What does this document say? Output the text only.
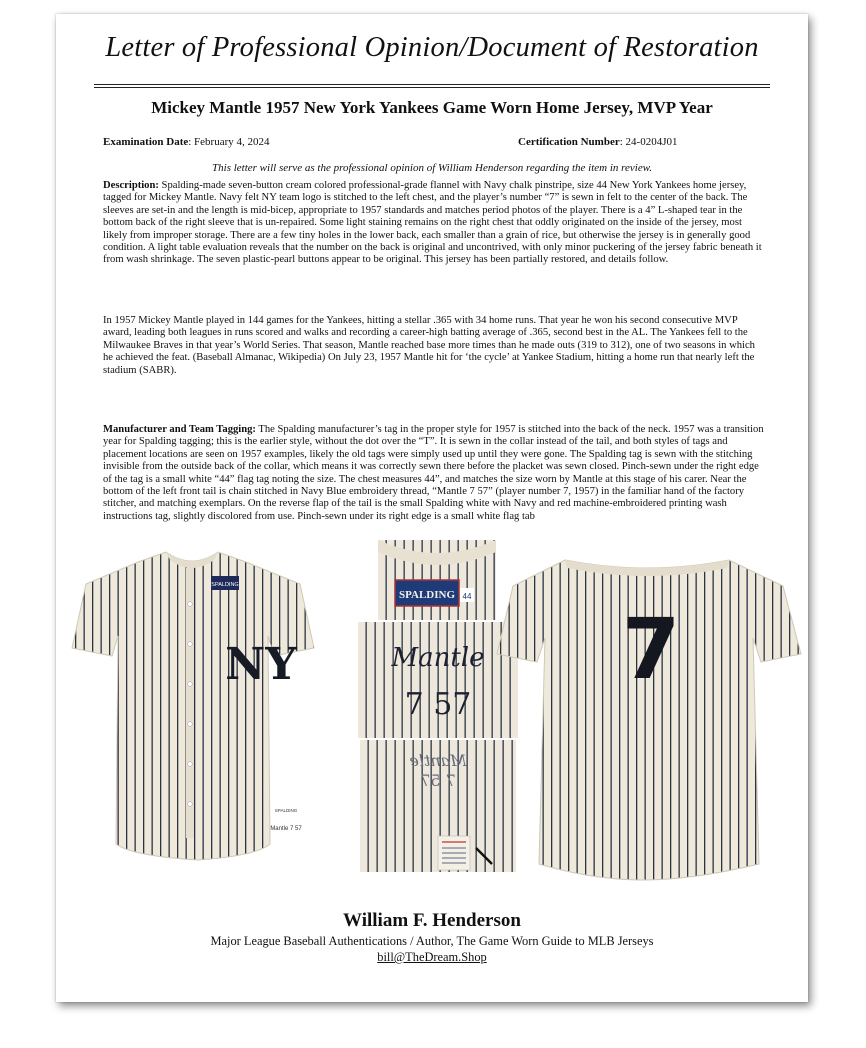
Letter of Professional Opinion/Document of Restoration
Mickey Mantle 1957 New York Yankees Game Worn Home Jersey, MVP Year
Examination Date: February 4, 2024	Certification Number: 24-0204J01
This letter will serve as the professional opinion of William Henderson regarding the item in review.

Description: Spalding-made seven-button cream colored professional-grade flannel with Navy chalk pinstripe, size 44 New York Yankees home jersey, tagged for Mickey Mantle. Navy felt NY team logo is stitched to the left chest, and the player’s number “7” is sewn in felt to the center of the back. The sleeves are set-in and the length is mid-bicep, appropriate to 1957 standards and matches period photos of the player. There is a 4” L-shaped tear in the bottom back of the right sleeve that is un-repaired. Some light staining remains on the right chest that oddly originated on the inside of the jersey, most likely from improper storage. There are a few tiny holes in the lower back, each smaller than a grain of rice, but otherwise the jersey is in generally good condition. A light table evaluation reveals that the number on the back is original and uncontrived, with only minor puckering of the jersey fabric beneath it from wash shrinkage. The seven plastic-pearl buttons appear to be original. This jersey has been partially restored, and details follow.

In 1957 Mickey Mantle played in 144 games for the Yankees, hitting a stellar .365 with 34 home runs. That year he won his second consecutive MVP award, leading both leagues in runs scored and walks and recording a career-high batting average of .365, second best in the AL. The Yankees fell to the Milwaukee Braves in that year’s World Series. That season, Mantle reached base more times than he made outs (319 to 312), one of two seasons in which he achieved the feat. (Baseball Almanac, Wikipedia) On July 23, 1957 Mantle hit for ‘the cycle’ at Yankee Stadium, hitting a home run that nearly left the stadium (SABR).

Manufacturer and Team Tagging: The Spalding manufacturer’s tag in the proper style for 1957 is stitched into the back of the neck. 1957 was a transition year for Spalding tagging; this is the earlier style, without the dot over the “T”. It is sewn in the collar instead of the tail, and both styles of tags and placement locations are seen on 1957 examples, likely the old tags were simply used up until they were gone. The Spalding tag is sewn with the stitching invisible from the outside back of the collar, which means it was correctly sewn there before the placket was sewn closed. Pinch-sewn under the right edge of the tag is a small white “44” flag tag noting the size. The chest measures 44”, and matches the size worn by Mantle at this stage of his carer. Near the bottom of the left front tail is chain stitched in Navy Blue embroidery thread, “Mantle 7 57” (player number 7, 1957) in the familiar hand of the factory stitcher, and matching exemplars. On the reverse flap of the tail is the small Spalding white with Navy and red machine-embroidered printing wash instructions tag, slightly discolored from use. Pinch-sewn under its right edge is a small white flag tab

SPALDING
NY
SPALDING
Mantle 7 57
SPALDING 44
Mantle
7 57
Mantle
7 57
7
William F. Henderson
Major League Baseball Authentications / Author, The Game Worn Guide to MLB Jerseys
bill@TheDream.Shop
